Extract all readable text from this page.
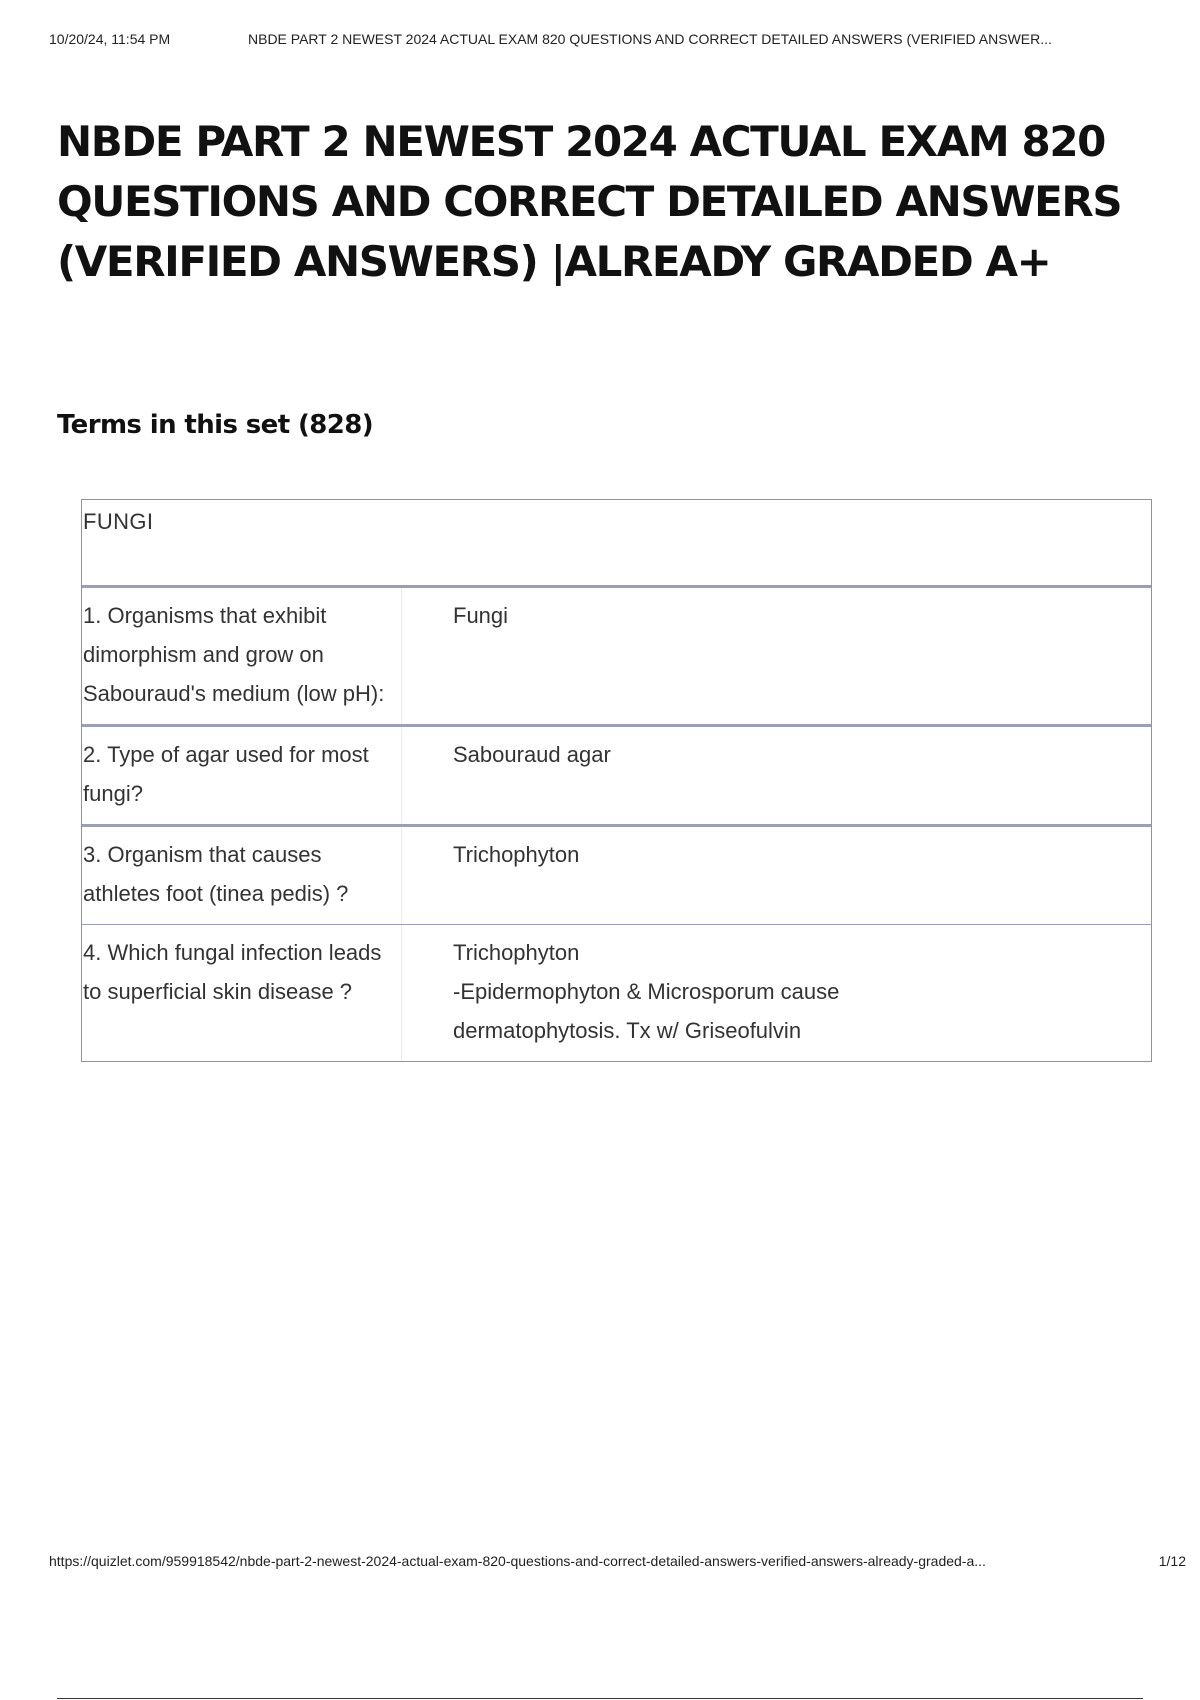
10/20/24, 11:54 PM	NBDE PART 2 NEWEST 2024 ACTUAL EXAM 820 QUESTIONS AND CORRECT DETAILED ANSWERS (VERIFIED ANSWER...
NBDE PART 2 NEWEST 2024 ACTUAL EXAM 820 QUESTIONS AND CORRECT DETAILED ANSWERS (VERIFIED ANSWERS) |ALREADY GRADED A+
Terms in this set (828)
FUNGI
1. Organisms that exhibit dimorphism and grow on Sabouraud's medium (low pH):
Fungi
2. Type of agar used for most fungi?
Sabouraud agar
3. Organism that causes athletes foot (tinea pedis) ?
Trichophyton
4. Which fungal infection leads to superficial skin disease ?
Trichophyton
-Epidermophyton & Microsporum cause
dermatophytosis. Tx w/ Griseofulvin
https://quizlet.com/959918542/nbde-part-2-newest-2024-actual-exam-820-questions-and-correct-detailed-answers-verified-answers-already-graded-a...	1/12
